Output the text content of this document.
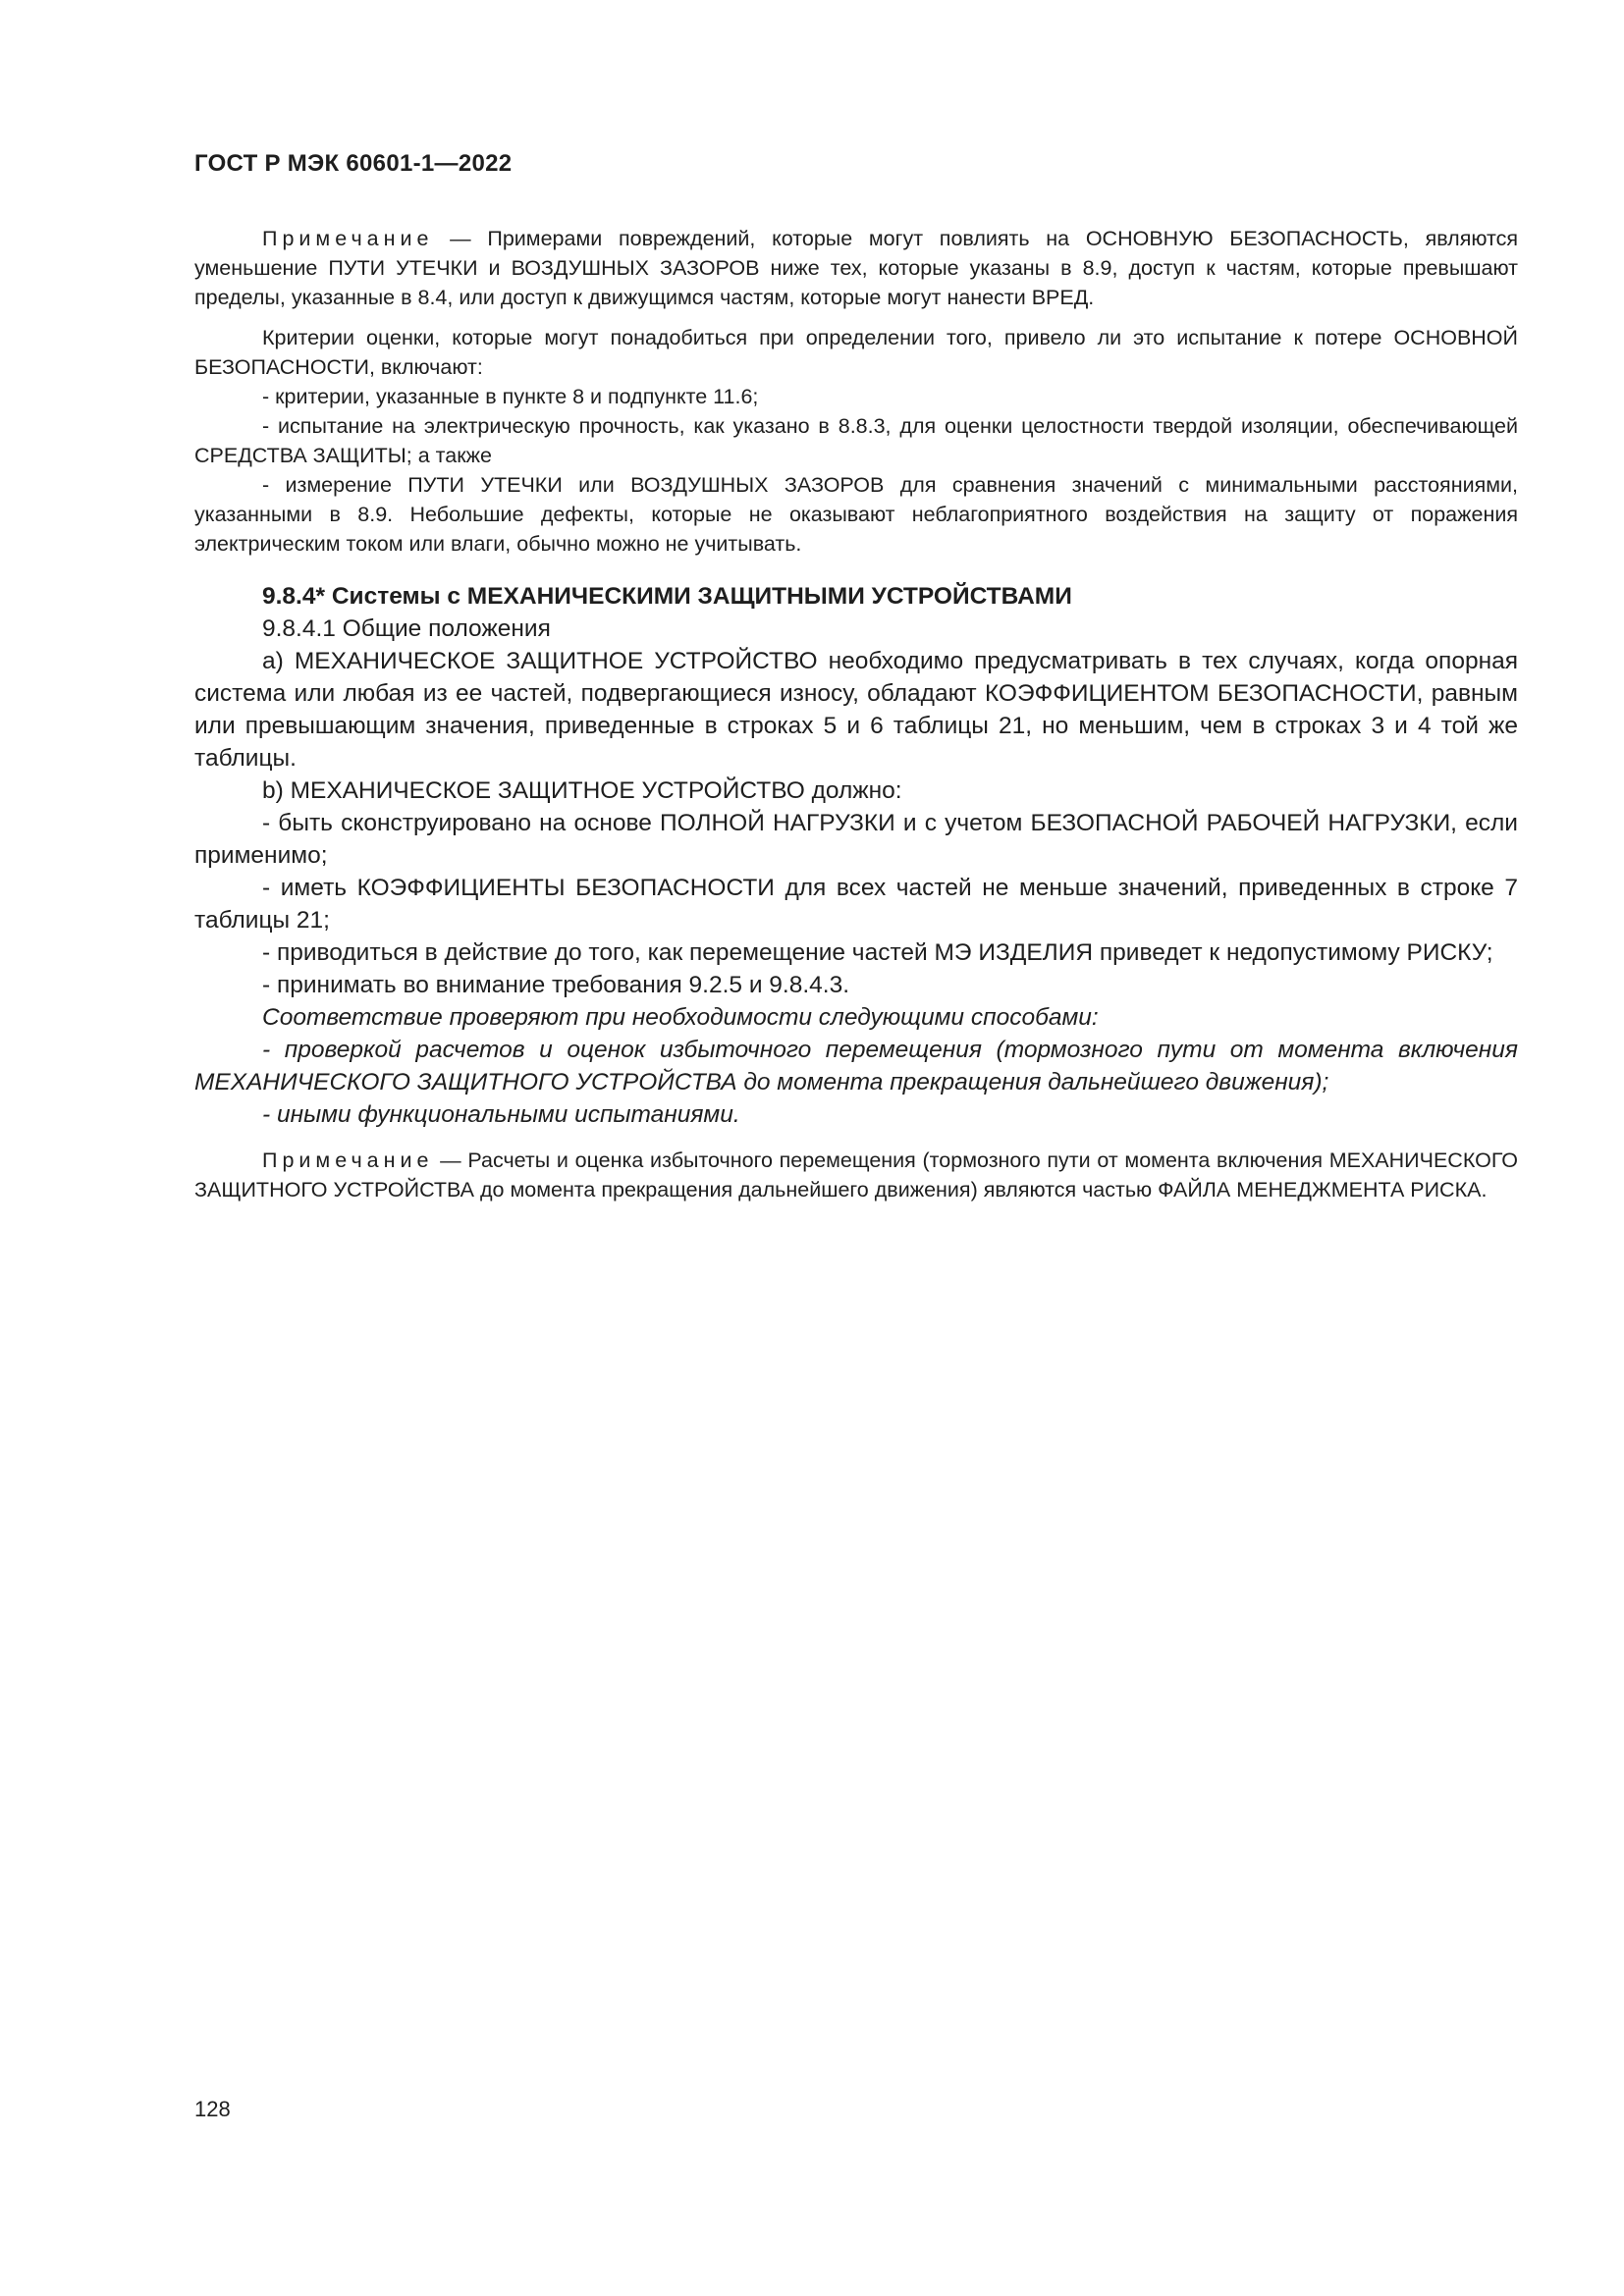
ГОСТ Р МЭК 60601-1—2022

Примечание — Примерами повреждений, которые могут повлиять на ОСНОВНУЮ БЕЗОПАСНОСТЬ, являются уменьшение ПУТИ УТЕЧКИ и ВОЗДУШНЫХ ЗАЗОРОВ ниже тех, которые указаны в 8.9, доступ к частям, которые превышают пределы, указанные в 8.4, или доступ к движущимся частям, которые могут нанести ВРЕД.

Критерии оценки, которые могут понадобиться при определении того, привело ли это испытание к потере ОСНОВНОЙ БЕЗОПАСНОСТИ, включают:

- критерии, указанные в пункте 8 и подпункте 11.6;

- испытание на электрическую прочность, как указано в 8.8.3, для оценки целостности твердой изоляции, обеспечивающей СРЕДСТВА ЗАЩИТЫ; а также

- измерение ПУТИ УТЕЧКИ или ВОЗДУШНЫХ ЗАЗОРОВ для сравнения значений с минимальными расстояниями, указанными в 8.9. Небольшие дефекты, которые не оказывают неблагоприятного воздействия на защиту от поражения электрическим током или влаги, обычно можно не учитывать.

9.8.4* Системы с МЕХАНИЧЕСКИМИ ЗАЩИТНЫМИ УСТРОЙСТВАМИ

9.8.4.1 Общие положения

a) МЕХАНИЧЕСКОЕ ЗАЩИТНОЕ УСТРОЙСТВО необходимо предусматривать в тех случаях, когда опорная система или любая из ее частей, подвергающиеся износу, обладают КОЭФФИЦИЕНТОМ БЕЗОПАСНОСТИ, равным или превышающим значения, приведенные в строках 5 и 6 таблицы 21, но меньшим, чем в строках 3 и 4 той же таблицы.

b) МЕХАНИЧЕСКОЕ ЗАЩИТНОЕ УСТРОЙСТВО должно:

- быть сконструировано на основе ПОЛНОЙ НАГРУЗКИ и с учетом БЕЗОПАСНОЙ РАБОЧЕЙ НАГРУЗКИ, если применимо;

- иметь КОЭФФИЦИЕНТЫ БЕЗОПАСНОСТИ для всех частей не меньше значений, приведенных в строке 7 таблицы 21;

- приводиться в действие до того, как перемещение частей МЭ ИЗДЕЛИЯ приведет к недопустимому РИСКУ;

- принимать во внимание требования 9.2.5 и 9.8.4.3.

Соответствие проверяют при необходимости следующими способами:

- проверкой расчетов и оценок избыточного перемещения (тормозного пути от момента включения МЕХАНИЧЕСКОГО ЗАЩИТНОГО УСТРОЙСТВА до момента прекращения дальнейшего движения);

- иными функциональными испытаниями.

Примечание — Расчеты и оценка избыточного перемещения (тормозного пути от момента включения МЕХАНИЧЕСКОГО ЗАЩИТНОГО УСТРОЙСТВА до момента прекращения дальнейшего движения) являются частью ФАЙЛА МЕНЕДЖМЕНТА РИСКА.

128
